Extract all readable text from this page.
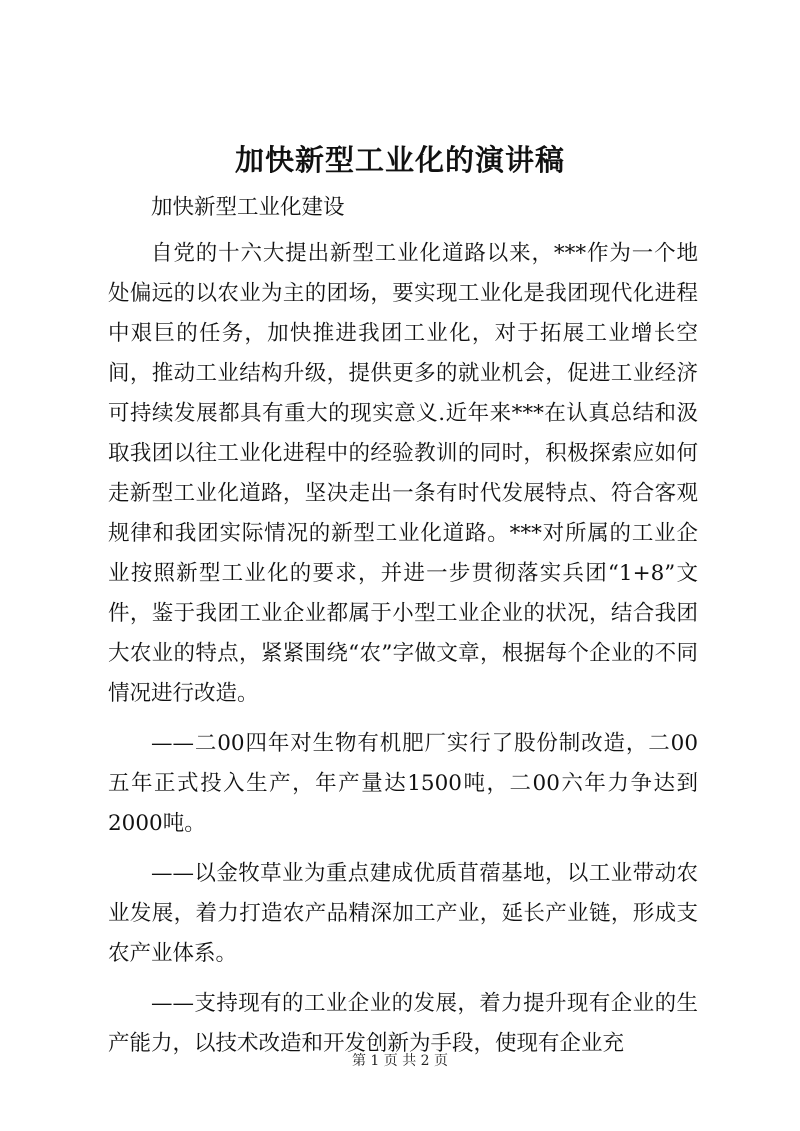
加快新型工业化的演讲稿

加快新型工业化建设

自党的十六大提出新型工业化道路以来，***作为一个地处偏远的以农业为主的团场，要实现工业化是我团现代化进程中艰巨的任务，加快推进我团工业化，对于拓展工业增长空间，推动工业结构升级，提供更多的就业机会，促进工业经济可持续发展都具有重大的现实意义.近年来***在认真总结和汲取我团以往工业化进程中的经验教训的同时，积极探索应如何走新型工业化道路，坚决走出一条有时代发展特点、符合客观规律和我团实际情况的新型工业化道路。***对所属的工业企业按照新型工业化的要求，并进一步贯彻落实兵团“1+8”文件，鉴于我团工业企业都属于小型工业企业的状况，结合我团大农业的特点，紧紧围绕“农”字做文章，根据每个企业的不同情况进行改造。

——二00四年对生物有机肥厂实行了股份制改造，二00五年正式投入生产，年产量达1500吨，二00六年力争达到2000吨。

——以金牧草业为重点建成优质苜蓿基地，以工业带动农业发展，着力打造农产品精深加工产业，延长产业链，形成支农产业体系。

——支持现有的工业企业的发展，着力提升现有企业的生产能力，以技术改造和开发创新为手段，使现有企业充

第 1 页 共 2 页
